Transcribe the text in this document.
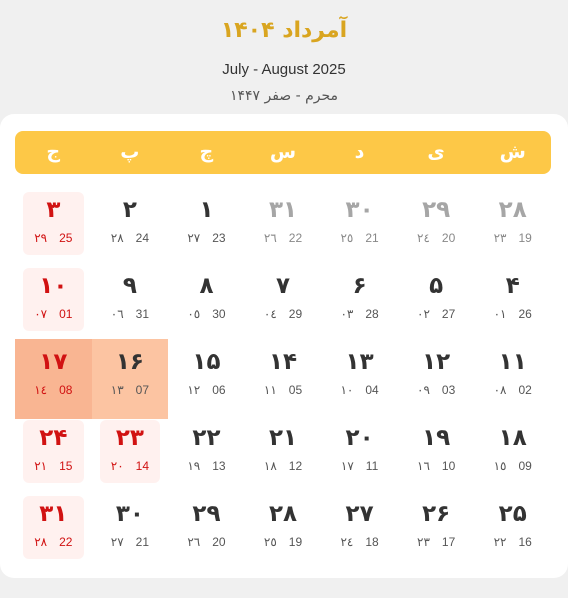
آمرداد ۱۴۰۴
July - August 2025
محرم - صفر ۱۴۴۷
ش
ی
د
س
چ
پ
ج
۲۸
19
۲۳
۲۹
20
۲٤
۳۰
21
۲٥
۳۱
22
۲٦
۱
23
۲۷
۲
24
۲۸
۳
25
۲۹
۴
26
۰۱
۵
27
۰۲
۶
28
۰۳
۷
29
۰٤
۸
30
۰٥
۹
31
۰٦
۱۰
01
۰۷
۱۱
02
۰۸
۱۲
03
۰۹
۱۳
04
۱۰
۱۴
05
۱۱
۱۵
06
۱۲
۱۶
07
۱۳
۱۷
08
۱٤
۱۸
09
۱٥
۱۹
10
۱٦
۲۰
11
۱۷
۲۱
12
۱۸
۲۲
13
۱۹
۲۳
14
۲۰
۲۴
15
۲۱
۲۵
16
۲۲
۲۶
17
۲۳
۲۷
18
۲٤
۲۸
19
۲٥
۲۹
20
۲٦
۳۰
21
۲۷
۳۱
22
۲۸
